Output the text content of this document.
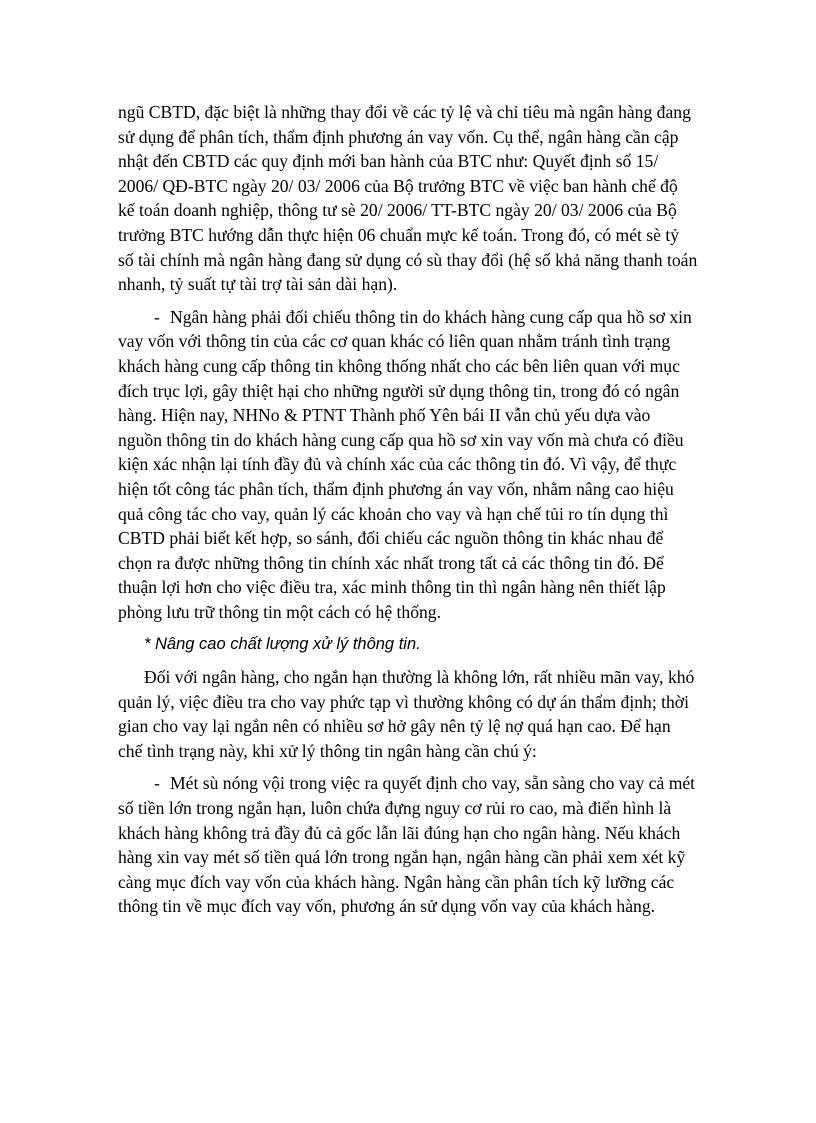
ngũ CBTD, đặc biệt là những thay đổi về các tỷ lệ và chỉ tiêu mà ngân hàng đang sử dụng để phân tích, thẩm định phương án vay vốn. Cụ thể, ngân hàng cần cập nhật đến CBTD các quy định mới ban hành của BTC như: Quyết định số 15/ 2006/ QĐ-BTC ngày 20/ 03/ 2006 của Bộ trưởng BTC về việc ban hành chế độ kế toán doanh nghiệp, thông tư sè 20/ 2006/ TT-BTC ngày 20/ 03/ 2006 của Bộ trưởng BTC hướng dẫn thực hiện 06 chuẩn mực kế toán. Trong đó, có mét sè tỷ số tài chính mà ngân hàng đang sử dụng có sù thay đổi (hệ số khả năng thanh toán nhanh, tỷ suất tự tài trợ tài sản dài hạn).

- Ngân hàng phải đối chiếu thông tin do khách hàng cung cấp qua hồ sơ xin vay vốn với thông tin của các cơ quan khác có liên quan nhằm tránh tình trạng khách hàng cung cấp thông tin không thống nhất cho các bên liên quan với mục đích trục lợi, gây thiệt hại cho những người sử dụng thông tin, trong đó có ngân hàng. Hiện nay, NHNo & PTNT Thành phố Yên bái II vẫn chủ yếu dựa vào nguồn thông tin do khách hàng cung cấp qua hồ sơ xin vay vốn mà chưa có điều kiện xác nhận lại tính đầy đủ và chính xác của các thông tin đó. Vì vậy, để thực hiện tốt công tác phân tích, thẩm định phương án vay vốn, nhằm nâng cao hiệu quả công tác cho vay, quản lý các khoản cho vay và hạn chế tủi ro tín dụng thì CBTD phải biết kết hợp, so sánh, đối chiếu các nguồn thông tin khác nhau để chọn ra được những thông tin chính xác nhất trong tất cả các thông tin đó. Để thuận lợi hơn cho việc điều tra, xác minh thông tin thì ngân hàng nên thiết lập phòng lưu trữ thông tin một cách có hệ thống.

* Nâng cao chất lượng xử lý thông tin.

Đối với ngân hàng, cho ngắn hạn thường là không lớn, rất nhiều mãn vay, khó quản lý, việc điều tra cho vay phức tạp vì thường không có dự án thẩm định; thời gian cho vay lại ngắn nên có nhiều sơ hở gây nên tỷ lệ nợ quá hạn cao. Để hạn chế tình trạng này, khi xử lý thông tin ngân hàng cần chú ý:

- Mét sù nóng vội trong việc ra quyết định cho vay, sẵn sàng cho vay cả mét số tiền lớn trong ngắn hạn, luôn chứa đựng nguy cơ rủi ro cao, mà điển hình là khách hàng không trả đầy đủ cả gốc lẫn lãi đúng hạn cho ngân hàng. Nếu khách hàng xin vay mét số tiền quá lớn trong ngắn hạn, ngân hàng cần phải xem xét kỹ càng mục đích vay vốn của khách hàng. Ngân hàng cần phân tích kỹ lưỡng các thông tin về mục đích vay vốn, phương án sử dụng vốn vay của khách hàng.
